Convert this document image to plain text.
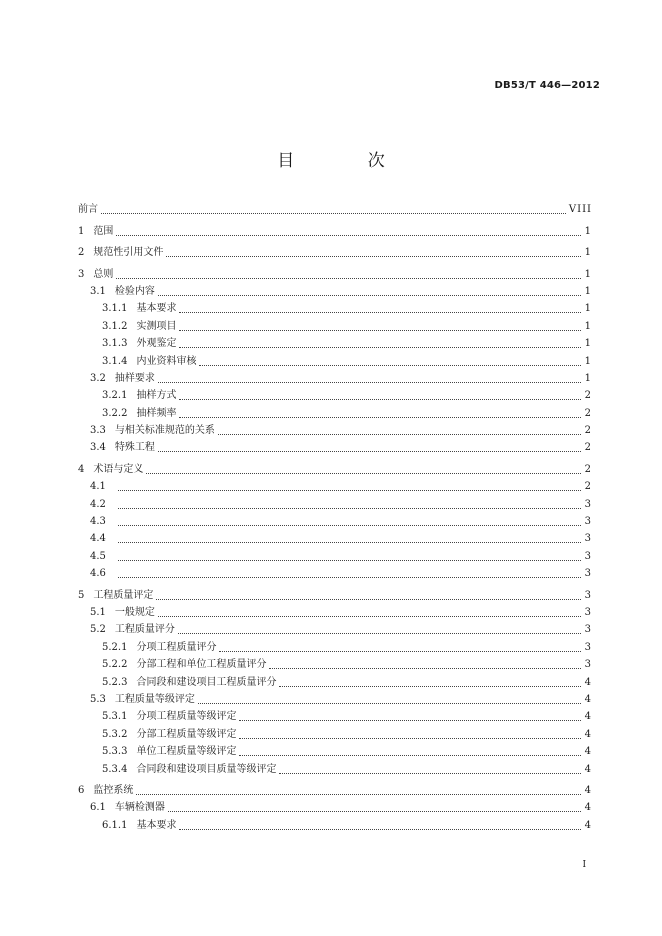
DB53/T 446—2012
目 次
前言	VIII
1 范围	1
2 规范性引用文件	1
3 总则	1
3.1 检验内容	1
3.1.1 基本要求	1
3.1.2 实测项目	1
3.1.3 外观鉴定	1
3.1.4 内业资料审核	1
3.2 抽样要求	1
3.2.1 抽样方式	2
3.2.2 抽样频率	2
3.3 与相关标准规范的关系	2
3.4 特殊工程	2
4 术语与定义	2
4.1	2
4.2	3
4.3	3
4.4	3
4.5	3
4.6	3
5 工程质量评定	3
5.1 一般规定	3
5.2 工程质量评分	3
5.2.1 分项工程质量评分	3
5.2.2 分部工程和单位工程质量评分	3
5.2.3 合同段和建设项目工程质量评分	4
5.3 工程质量等级评定	4
5.3.1 分项工程质量等级评定	4
5.3.2 分部工程质量等级评定	4
5.3.3 单位工程质量等级评定	4
5.3.4 合同段和建设项目质量等级评定	4
6 监控系统	4
6.1 车辆检测器	4
6.1.1 基本要求	4
I
